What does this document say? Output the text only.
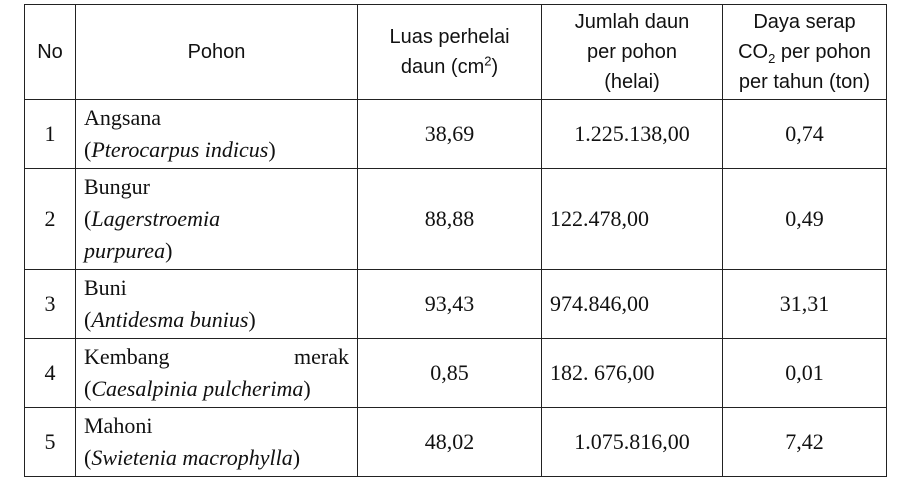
No	Pohon	Luas perhelai
daun $(cm^2)$	Jumlah daun
per pohon
(helai)	Daya serap
$CO_2$ per pohon
per tahun (ton)
1	Angsana
(Pterocarpus indicus)	38,69	1.225.138,00	0,74
2	Bungur
(Lagerstroemia
purpurea)	88,88	122.478,00	0,49
3	Buni
(Antidesma bunius)	93,43	974.846,00	31,31
4	Kembang merak
(Caesalpinia pulcherima)	0,85	182. 676,00	0,01
5	Mahoni
(Swietenia macrophylla)	48,02	1.075.816,00	7,42
